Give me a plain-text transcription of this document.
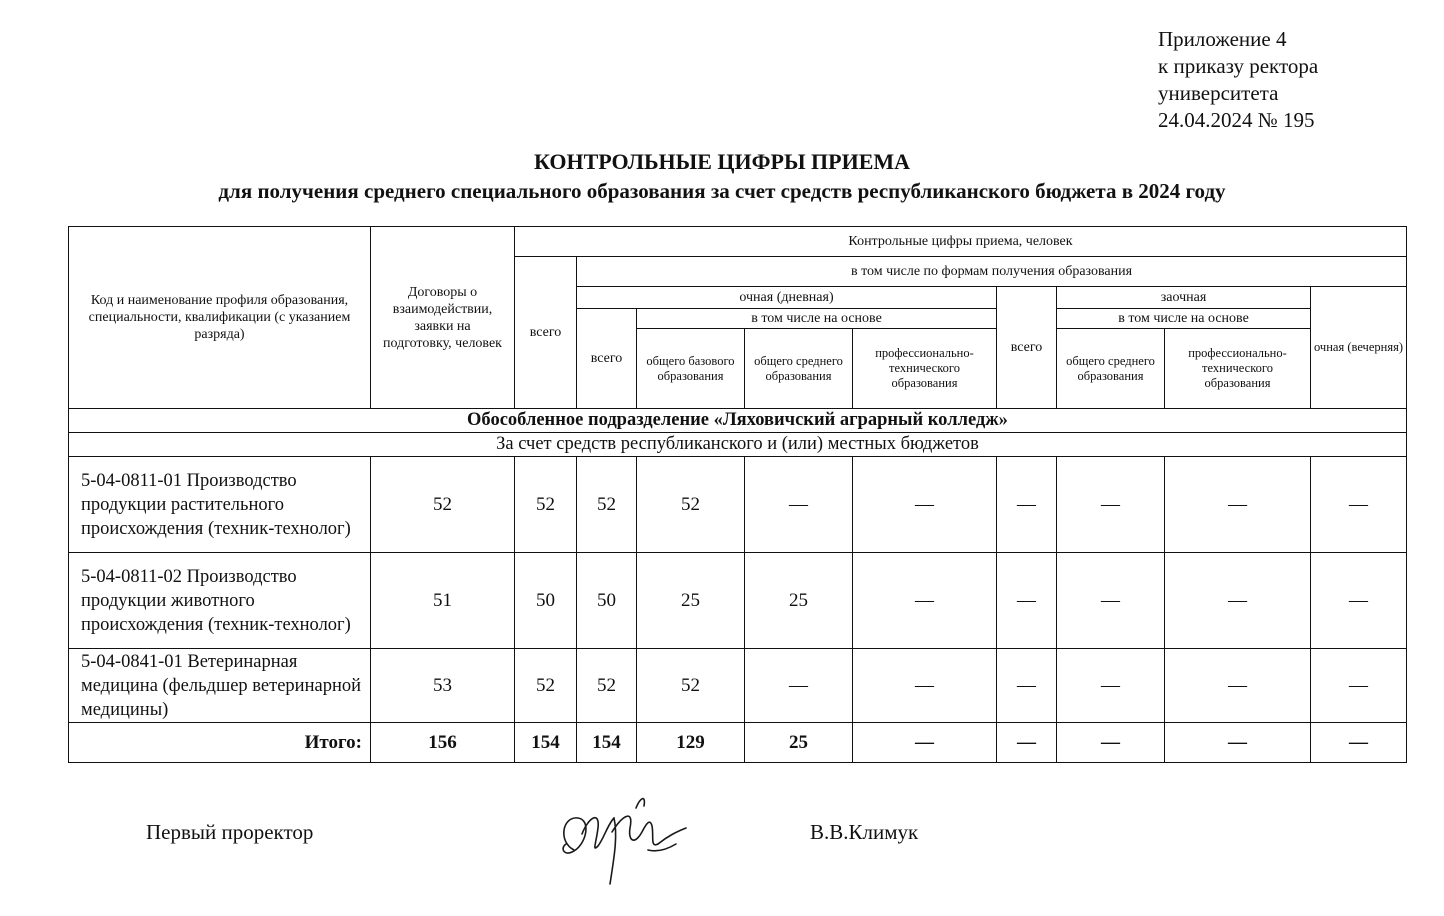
Приложение 4
к приказу ректора
университета
24.04.2024 № 195
КОНТРОЛЬНЫЕ ЦИФРЫ ПРИЕМА
для получения среднего специального образования за счет средств республиканского бюджета в 2024 году
Код и наименование профиля образования, специальности, квалификации (с указанием разряда)	Договоры о взаимодействии, заявки на подготовку, человек	Контрольные цифры приема, человек								
		всего	в том числе по формам получения образования							
			очная (дневная)				всего	заочная		очная (вечерняя)
			всего	в том числе на основе				в том числе на основе		
				общего базового образования	общего среднего образования	профессионально-технического образования		общего среднего образования	профессионально-технического образования	
Обособленное подразделение «Ляховичский аграрный колледж»										
За счет средств республиканского и (или) местных бюджетов										
5-04-0811-01 Производство продукции растительного происхождения (техник-технолог)	52	52	52	52	—	—	—	—	—	—
5-04-0811-02 Производство продукции животного происхождения (техник-технолог)	51	50	50	25	25	—	—	—	—	—
5-04-0841-01 Ветеринарная медицина (фельдшер ветеринарной медицины)	53	52	52	52	—	—	—	—	—	—
Итого:	156	154	154	129	25	—	—	—	—	—
Первый проректор	В.В.Климук
